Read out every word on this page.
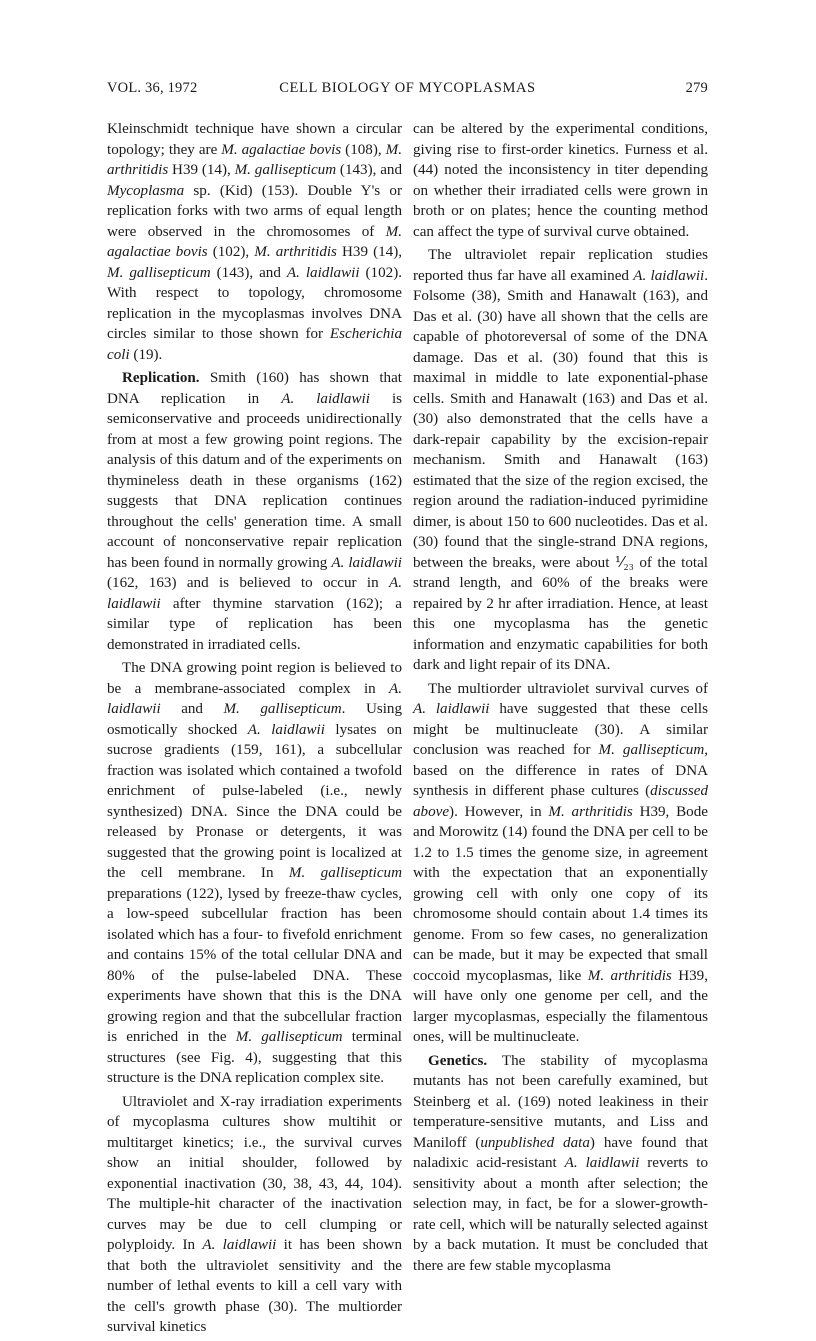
VOL. 36, 1972	CELL BIOLOGY OF MYCOPLASMAS	279

Kleinschmidt technique have shown a circular topology; they are M. agalactiae bovis (108), M. arthritidis H39 (14), M. gallisepticum (143), and Mycoplasma sp. (Kid) (153). Double Y's or replication forks with two arms of equal length were observed in the chromosomes of M. agalactiae bovis (102), M. arthritidis H39 (14), M. gallisepticum (143), and A. laidlawii (102). With respect to topology, chromosome replication in the mycoplasmas involves DNA circles similar to those shown for Escherichia coli (19).

Replication. Smith (160) has shown that DNA replication in A. laidlawii is semiconservative and proceeds unidirectionally from at most a few growing point regions. The analysis of this datum and of the experiments on thymineless death in these organisms (162) suggests that DNA replication continues throughout the cells' generation time. A small account of nonconservative repair replication has been found in normally growing A. laidlawii (162, 163) and is believed to occur in A. laidlawii after thymine starvation (162); a similar type of replication has been demonstrated in irradiated cells.

The DNA growing point region is believed to be a membrane-associated complex in A. laidlawii and M. gallisepticum. Using osmotically shocked A. laidlawii lysates on sucrose gradients (159, 161), a subcellular fraction was isolated which contained a twofold enrichment of pulse-labeled (i.e., newly synthesized) DNA. Since the DNA could be released by Pronase or detergents, it was suggested that the growing point is localized at the cell membrane. In M. gallisepticum preparations (122), lysed by freeze-thaw cycles, a low-speed subcellular fraction has been isolated which has a four- to fivefold enrichment and contains 15% of the total cellular DNA and 80% of the pulse-labeled DNA. These experiments have shown that this is the DNA growing region and that the subcellular fraction is enriched in the M. gallisepticum terminal structures (see Fig. 4), suggesting that this structure is the DNA replication complex site.

Ultraviolet and X-ray irradiation experiments of mycoplasma cultures show multihit or multitarget kinetics; i.e., the survival curves show an initial shoulder, followed by exponential inactivation (30, 38, 43, 44, 104). The multiple-hit character of the inactivation curves may be due to cell clumping or polyploidy. In A. laidlawii it has been shown that both the ultraviolet sensitivity and the number of lethal events to kill a cell vary with the cell's growth phase (30). The multiorder survival kinetics

can be altered by the experimental conditions, giving rise to first-order kinetics. Furness et al. (44) noted the inconsistency in titer depending on whether their irradiated cells were grown in broth or on plates; hence the counting method can affect the type of survival curve obtained.

The ultraviolet repair replication studies reported thus far have all examined A. laidlawii. Folsome (38), Smith and Hanawalt (163), and Das et al. (30) have all shown that the cells are capable of photoreversal of some of the DNA damage. Das et al. (30) found that this is maximal in middle to late exponential-phase cells. Smith and Hanawalt (163) and Das et al. (30) also demonstrated that the cells have a dark-repair capability by the excision-repair mechanism. Smith and Hanawalt (163) estimated that the size of the region excised, the region around the radiation-induced pyrimidine dimer, is about 150 to 600 nucleotides. Das et al. (30) found that the single-strand DNA regions, between the breaks, were about ⅟₂₃ of the total strand length, and 60% of the breaks were repaired by 2 hr after irradiation. Hence, at least this one mycoplasma has the genetic information and enzymatic capabilities for both dark and light repair of its DNA.

The multiorder ultraviolet survival curves of A. laidlawii have suggested that these cells might be multinucleate (30). A similar conclusion was reached for M. gallisepticum, based on the difference in rates of DNA synthesis in different phase cultures (discussed above). However, in M. arthritidis H39, Bode and Morowitz (14) found the DNA per cell to be 1.2 to 1.5 times the genome size, in agreement with the expectation that an exponentially growing cell with only one copy of its chromosome should contain about 1.4 times its genome. From so few cases, no generalization can be made, but it may be expected that small coccoid mycoplasmas, like M. arthritidis H39, will have only one genome per cell, and the larger mycoplasmas, especially the filamentous ones, will be multinucleate.

Genetics. The stability of mycoplasma mutants has not been carefully examined, but Steinberg et al. (169) noted leakiness in their temperature-sensitive mutants, and Liss and Maniloff (unpublished data) have found that naladixic acid-resistant A. laidlawii reverts to sensitivity about a month after selection; the selection may, in fact, be for a slower-growth-rate cell, which will be naturally selected against by a back mutation. It must be concluded that there are few stable mycoplasma
